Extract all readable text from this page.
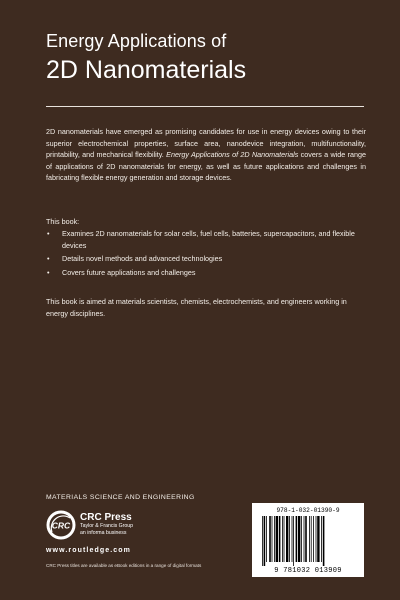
Energy Applications of
2D Nanomaterials
2D nanomaterials have emerged as promising candidates for use in energy devices owing to their superior electrochemical properties, surface area, nanodevice integration, multifunctionality, printability, and mechanical flexibility. Energy Applications of 2D Nanomaterials covers a wide range of applications of 2D nanomaterials for energy, as well as future applications and challenges in fabricating flexible energy generation and storage devices.
This book:
• Examines 2D nanomaterials for solar cells, fuel cells, batteries, supercapacitors, and flexible devices
• Details novel methods and advanced technologies
• Covers future applications and challenges
This book is aimed at materials scientists, chemists, electrochemists, and engineers working in energy disciplines.
MATERIALS SCIENCE AND ENGINEERING
CRC
CRC Press
Taylor & Francis Group
an informa business
www.routledge.com
CRC Press titles are available as eBook editions in a range of digital formats
978-1-032-01390-9
9 781032 013909
